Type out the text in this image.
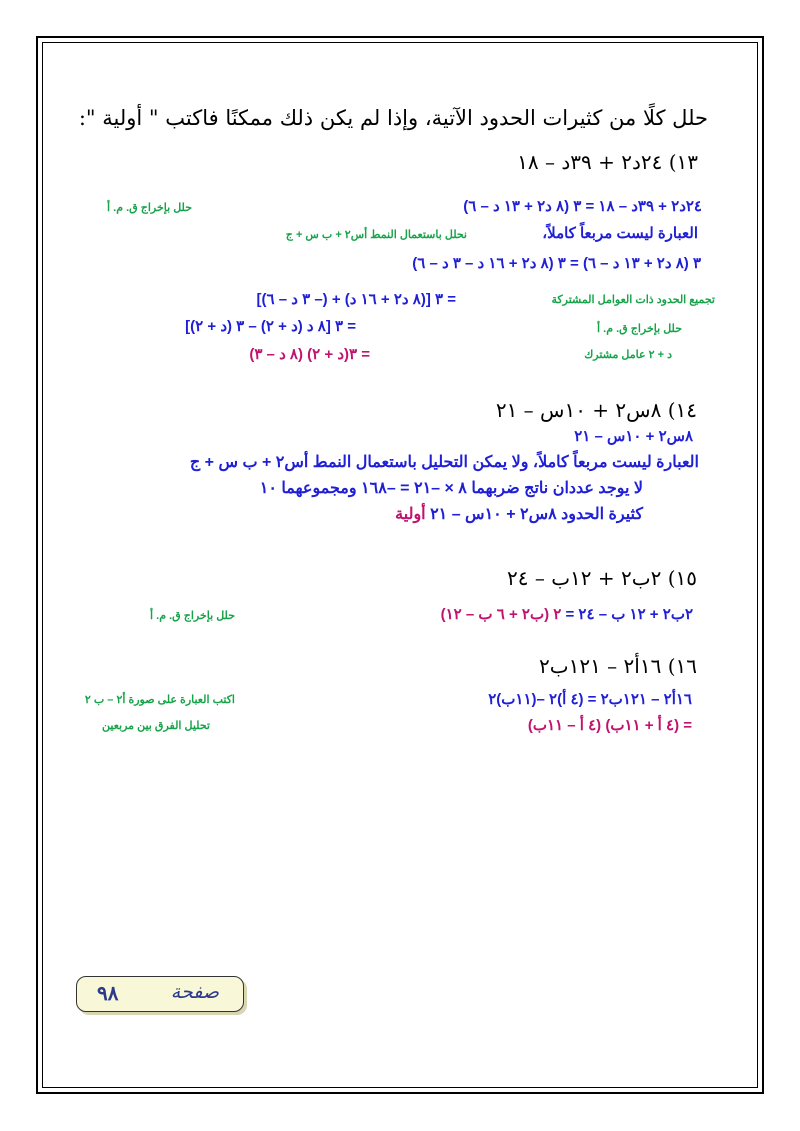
حلل كلًا من كثيرات الحدود الآتية، وإذا لم يكن ذلك ممكنًا فاكتب " أولية ":
١٣) ٢٤د٢ + ٣٩د – ١٨
٢٤د٢ + ٣٩د – ١٨ = ٣ (٨ د٢ + ١٣ د – ٦)
حلل بإخراج ق. م. أ
العبارة ليست مربعاً كاملاً،
نحلل باستعمال النمط أس٢ + ب س + ج
٣ (٨ د٢ + ١٣ د – ٦) = ٣ (٨ د٢ + ١٦ د – ٣ د – ٦)
= ٣ [(٨ د٢ + ١٦ د) + (– ٣ د – ٦)]	تجميع الحدود ذات العوامل المشتركة
= ٣ [٨ د (د + ٢) – ٣ (د + ٢)]	حلل بإخراج ق. م. أ
= ٣(د + ٢) (٨ د – ٣)	د + ٢ عامل مشترك
١٤) ٨س٢ + ١٠س – ٢١
٨س٢ + ١٠س – ٢١
العبارة ليست مربعاً كاملاً، ولا يمكن التحليل باستعمال النمط أس٢ + ب س + ج
لا يوجد عددان ناتج ضربهما ٨ × –٢١ = –١٦٨ ومجموعهما ١٠
كثيرة الحدود ٨س٢ + ١٠س – ٢١ أولية
١٥) ٢ب٢ + ١٢ب – ٢٤
٢ب٢ + ١٢ ب – ٢٤ = ٢ (ب٢ + ٦ ب – ١٢)
حلل بإخراج ق. م. أ
١٦) ١٦أ٢ – ١٢١ب٢
١٦أ٢ – ١٢١ب٢ = (٤ أ)٢ –(١١ب)٢
اكتب العبارة على صورة أ٢ – ب ٢
= (٤ أ + ١١ب) (٤ أ – ١١ب)
تحليل الفرق بين مربعين
صفحة
٩٨
